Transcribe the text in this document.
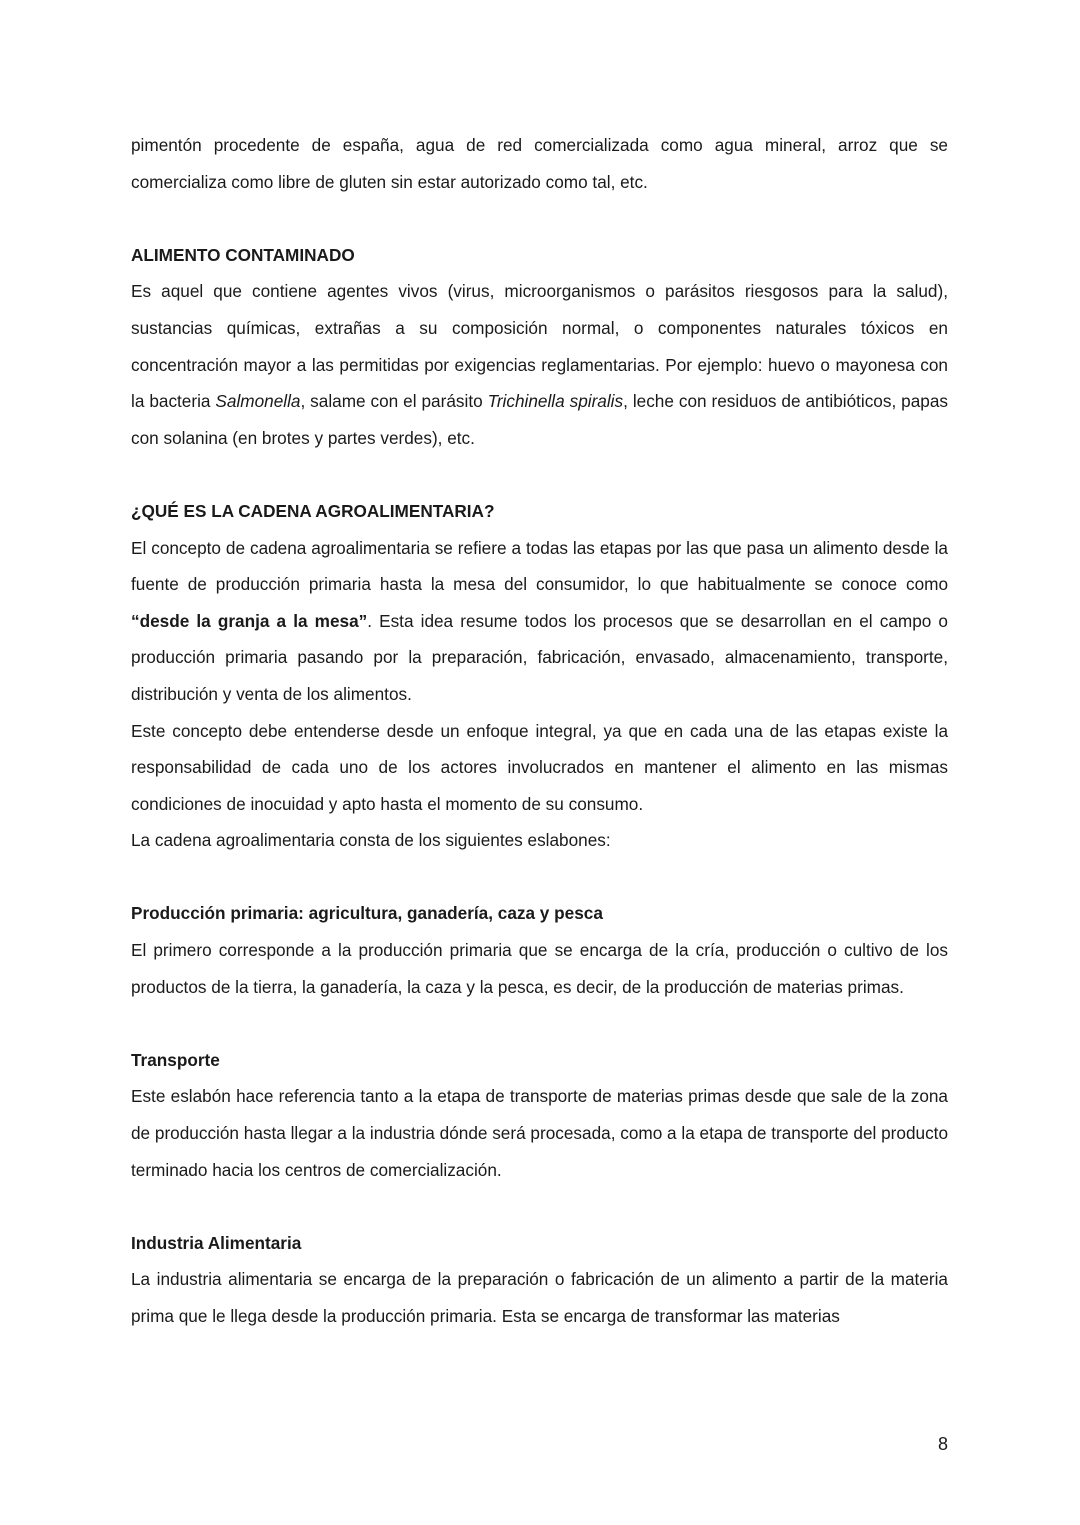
pimentón procedente de españa, agua de red comercializada como agua mineral, arroz que se comercializa como libre de gluten sin estar autorizado como tal, etc.

ALIMENTO CONTAMINADO

Es aquel que contiene agentes vivos (virus, microorganismos o parásitos riesgosos para la salud), sustancias químicas, extrañas a su composición normal, o componentes naturales tóxicos en concentración mayor a las permitidas por exigencias reglamentarias. Por ejemplo: huevo o mayonesa con la bacteria Salmonella, salame con el parásito Trichinella spiralis, leche con residuos de antibióticos, papas con solanina (en brotes y partes verdes), etc.

¿QUÉ ES LA CADENA AGROALIMENTARIA?

El concepto de cadena agroalimentaria se refiere a todas las etapas por las que pasa un alimento desde la fuente de producción primaria hasta la mesa del consumidor, lo que habitualmente se conoce como “desde la granja a la mesa”. Esta idea resume todos los procesos que se desarrollan en el campo o producción primaria pasando por la preparación, fabricación, envasado, almacenamiento, transporte, distribución y venta de los alimentos.

Este concepto debe entenderse desde un enfoque integral, ya que en cada una de las etapas existe la responsabilidad de cada uno de los actores involucrados en mantener el alimento en las mismas condiciones de inocuidad y apto hasta el momento de su consumo.

La cadena agroalimentaria consta de los siguientes eslabones:

Producción primaria: agricultura, ganadería, caza y pesca

El primero corresponde a la producción primaria que se encarga de la cría, producción o cultivo de los productos de la tierra, la ganadería, la caza y la pesca, es decir, de la producción de materias primas.

Transporte

Este eslabón hace referencia tanto a la etapa de transporte de materias primas desde que sale de la zona de producción hasta llegar a la industria dónde será procesada, como a la etapa de transporte del producto terminado hacia los centros de comercialización.

Industria Alimentaria

La industria alimentaria se encarga de la preparación o fabricación de un alimento a partir de la materia prima que le llega desde la producción primaria. Esta se encarga de transformar las materias

8
